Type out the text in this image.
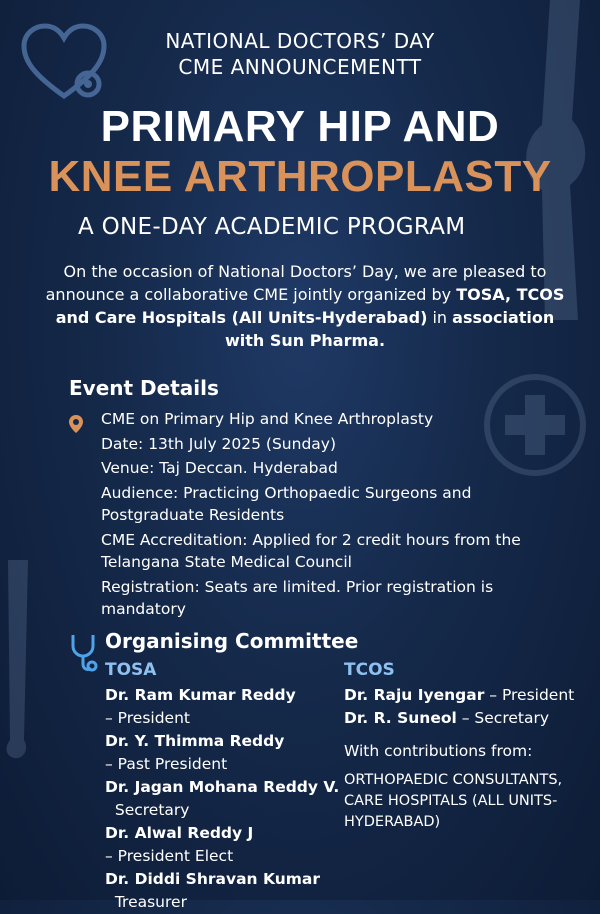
NATIONAL DOCTORS’ DAY
CME ANNOUNCEMENTT
PRIMARY HIP AND
KNEE ARTHROPLASTY
A ONE-DAY ACADEMIC PROGRAM
On the occasion of National Doctors’ Day, we are pleased to announce a collaborative CME jointly organized by TOSA, TCOS and Care Hospitals (All Units-Hyderabad) in association with Sun Pharma.
Event Details
CME on Primary Hip and Knee Arthroplasty
Date: 13th July 2025 (Sunday)
Venue: Taj Deccan. Hyderabad
Audience: Practicing Orthopaedic Surgeons and Postgraduate Residents
CME Accreditation: Applied for 2 credit hours from the Telangana State Medical Council
Registration: Seats are limited. Prior registration is mandatory
Organising Committee
TOSA	TCOS
Dr. Ram Kumar Reddy
– President
Dr. Y. Thimma Reddy
– Past President
Dr. Jagan Mohana Reddy V.
Secretary
Dr. Alwal Reddy J
– President Elect
Dr. Diddi Shravan Kumar
Treasurer
Dr. Raju Iyengar – President
Dr. R. Suneol – Secretary
With contributions from:
ORTHOPAEDIC CONSULTANTS, CARE HOSPITALS (ALL UNITS-HYDERABAD)
